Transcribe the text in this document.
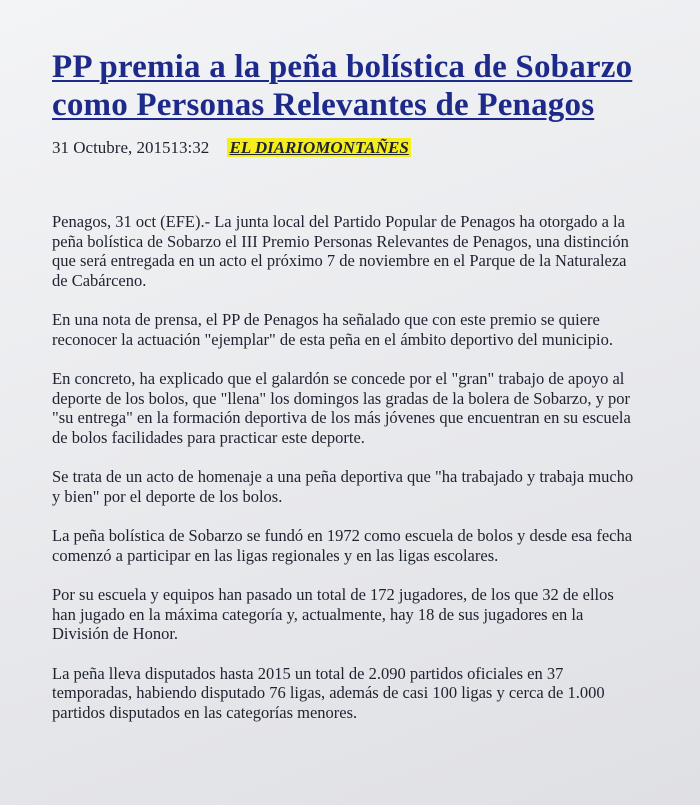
PP premia a la peña bolística de Sobarzo
como Personas Relevantes de Penagos
31 Octubre, 201513:32 EL DIARIOMONTAÑES

Penagos, 31 oct (EFE).- La junta local del Partido Popular de Penagos ha otorgado a la
peña bolística de Sobarzo el III Premio Personas Relevantes de Penagos, una distinción
que será entregada en un acto el próximo 7 de noviembre en el Parque de la Naturaleza
de Cabárceno.

En una nota de prensa, el PP de Penagos ha señalado que con este premio se quiere
reconocer la actuación "ejemplar" de esta peña en el ámbito deportivo del municipio.

En concreto, ha explicado que el galardón se concede por el "gran" trabajo de apoyo al
deporte de los bolos, que "llena" los domingos las gradas de la bolera de Sobarzo, y por
"su entrega" en la formación deportiva de los más jóvenes que encuentran en su escuela
de bolos facilidades para practicar este deporte.

Se trata de un acto de homenaje a una peña deportiva que "ha trabajado y trabaja mucho
y bien" por el deporte de los bolos.

La peña bolística de Sobarzo se fundó en 1972 como escuela de bolos y desde esa fecha
comenzó a participar en las ligas regionales y en las ligas escolares.

Por su escuela y equipos han pasado un total de 172 jugadores, de los que 32 de ellos
han jugado en la máxima categoría y, actualmente, hay 18 de sus jugadores en la
División de Honor.

La peña lleva disputados hasta 2015 un total de 2.090 partidos oficiales en 37
temporadas, habiendo disputado 76 ligas, además de casi 100 ligas y cerca de 1.000
partidos disputados en las categorías menores.
